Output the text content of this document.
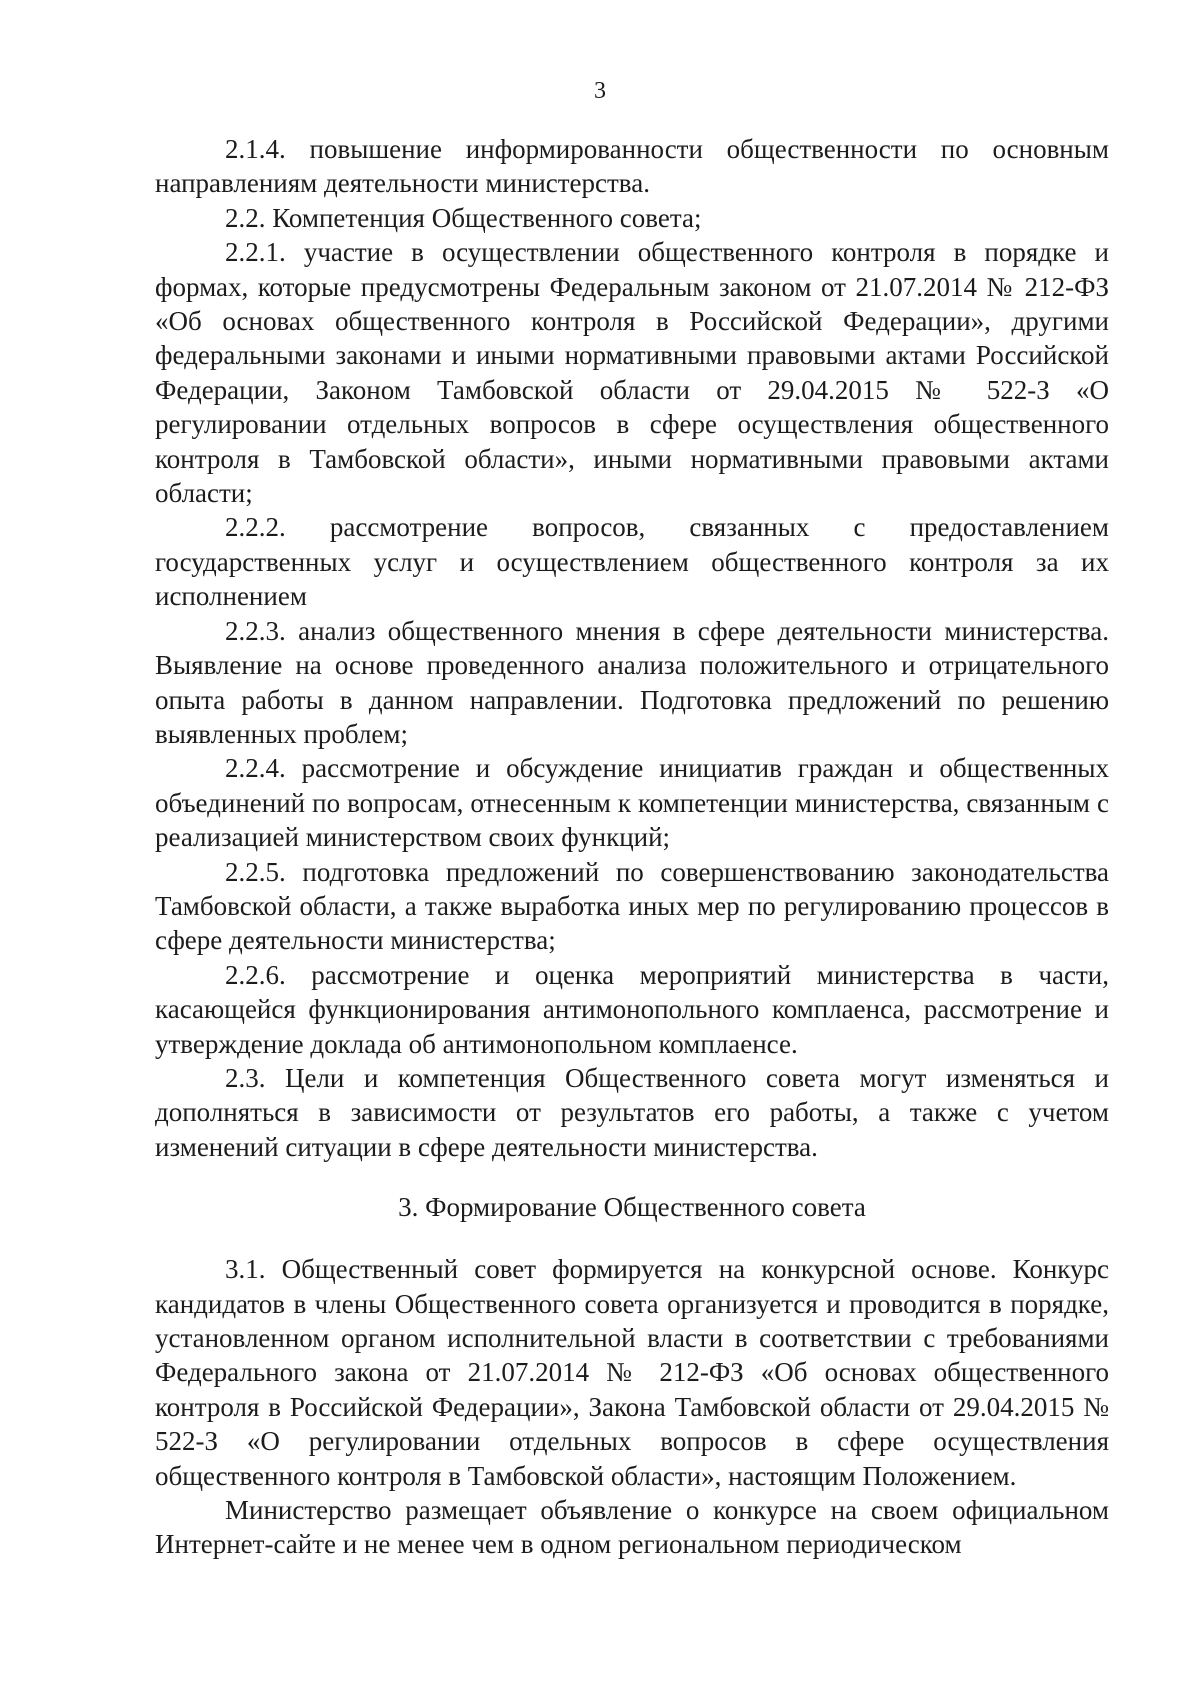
3

2.1.4. повышение информированности общественности по основным направлениям деятельности министерства.

2.2. Компетенция Общественного совета;

2.2.1. участие в осуществлении общественного контроля в порядке и формах, которые предусмотрены Федеральным законом от 21.07.2014 № 212-ФЗ «Об основах общественного контроля в Российской Федерации», другими федеральными законами и иными нормативными правовыми актами Российской Федерации, Законом Тамбовской области от 29.04.2015 № 522-З «О регулировании отдельных вопросов в сфере осуществления общественного контроля в Тамбовской области», иными нормативными правовыми актами области;

2.2.2. рассмотрение вопросов, связанных с предоставлением государственных услуг и осуществлением общественного контроля за их исполнением

2.2.3. анализ общественного мнения в сфере деятельности министерства. Выявление на основе проведенного анализа положительного и отрицательного опыта работы в данном направлении. Подготовка предложений по решению выявленных проблем;

2.2.4. рассмотрение и обсуждение инициатив граждан и общественных объединений по вопросам, отнесенным к компетенции министерства, связанным с реализацией министерством своих функций;

2.2.5. подготовка предложений по совершенствованию законодательства Тамбовской области, а также выработка иных мер по регулированию процессов в сфере деятельности министерства;

2.2.6. рассмотрение и оценка мероприятий министерства в части, касающейся функционирования антимонопольного комплаенса, рассмотрение и утверждение доклада об антимонопольном комплаенсе.

2.3. Цели и компетенция Общественного совета могут изменяться и дополняться в зависимости от результатов его работы, а также с учетом изменений ситуации в сфере деятельности министерства.

3. Формирование Общественного совета

3.1. Общественный совет формируется на конкурсной основе. Конкурс кандидатов в члены Общественного совета организуется и проводится в порядке, установленном органом исполнительной власти в соответствии с требованиями Федерального закона от 21.07.2014 № 212-ФЗ «Об основах общественного контроля в Российской Федерации», Закона Тамбовской области от 29.04.2015 № 522-З «О регулировании отдельных вопросов в сфере осуществления общественного контроля в Тамбовской области», настоящим Положением.

Министерство размещает объявление о конкурсе на своем официальном Интернет-сайте и не менее чем в одном региональном периодическом
